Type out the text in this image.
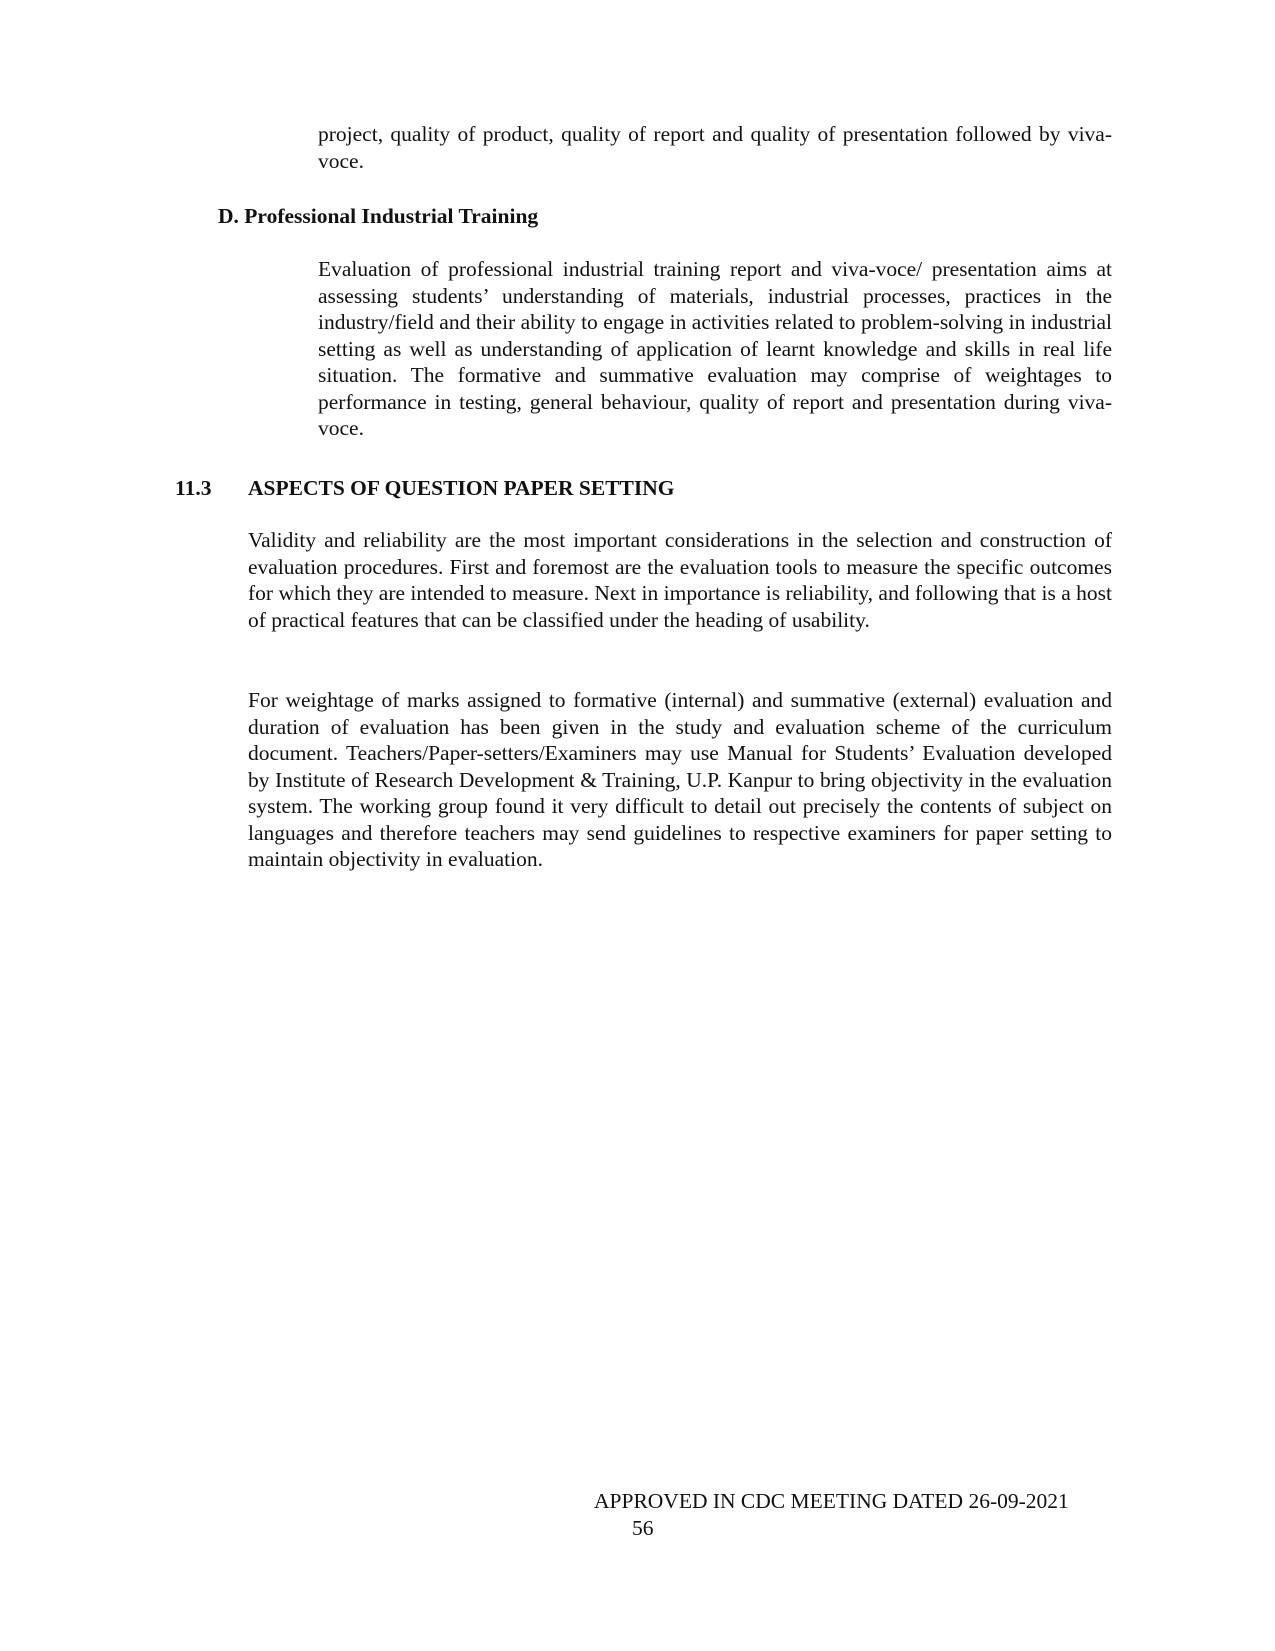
project, quality of product, quality of report and quality of presentation followed by viva-voce.

D. Professional Industrial Training

Evaluation of professional industrial training report and viva-voce/ presentation aims at assessing students’ understanding of materials, industrial processes, practices in the industry/field and their ability to engage in activities related to problem-solving in industrial setting as well as understanding of application of learnt knowledge and skills in real life situation. The formative and summative evaluation may comprise of weightages to performance in testing, general behaviour, quality of report and presentation during viva-voce.

11.3 ASPECTS OF QUESTION PAPER SETTING

Validity and reliability are the most important considerations in the selection and construction of evaluation procedures. First and foremost are the evaluation tools to measure the specific outcomes for which they are intended to measure. Next in importance is reliability, and following that is a host of practical features that can be classified under the heading of usability.

For weightage of marks assigned to formative (internal) and summative (external) evaluation and duration of evaluation has been given in the study and evaluation scheme of the curriculum document. Teachers/Paper-setters/Examiners may use Manual for Students’ Evaluation developed by Institute of Research Development & Training, U.P. Kanpur to bring objectivity in the evaluation system. The working group found it very difficult to detail out precisely the contents of subject on languages and therefore teachers may send guidelines to respective examiners for paper setting to maintain objectivity in evaluation.

APPROVED IN CDC MEETING DATED 26-09-2021
56
